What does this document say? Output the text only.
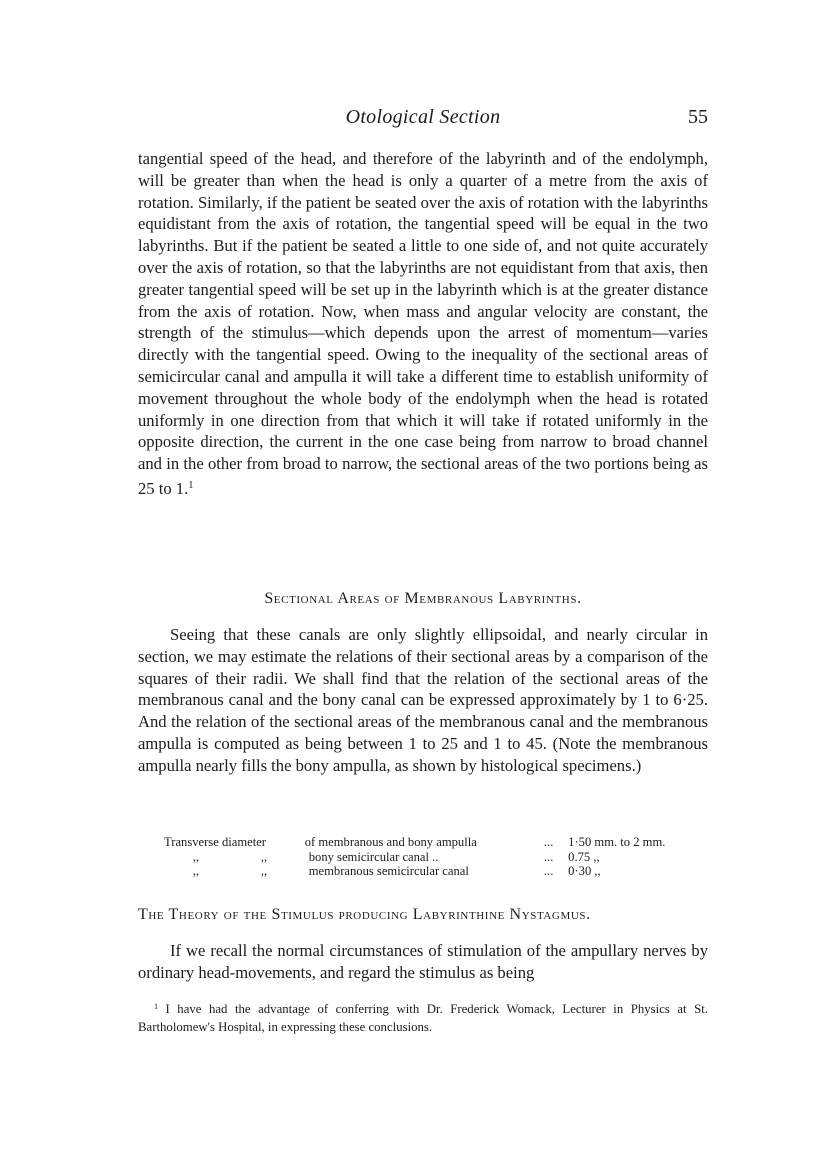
Otological Section	55

tangential speed of the head, and therefore of the labyrinth and of the endolymph, will be greater than when the head is only a quarter of a metre from the axis of rotation. Similarly, if the patient be seated over the axis of rotation with the labyrinths equidistant from the axis of rotation, the tangential speed will be equal in the two labyrinths. But if the patient be seated a little to one side of, and not quite accurately over the axis of rotation, so that the labyrinths are not equidistant from that axis, then greater tangential speed will be set up in the labyrinth which is at the greater distance from the axis of rotation. Now, when mass and angular velocity are constant, the strength of the stimulus—which depends upon the arrest of momentum—varies directly with the tangential speed. Owing to the inequality of the sectional areas of semicircular canal and ampulla it will take a different time to establish uniformity of movement throughout the whole body of the endolymph when the head is rotated uniformly in one direction from that which it will take if rotated uniformly in the opposite direction, the current in the one case being from narrow to broad channel and in the other from broad to narrow, the sectional areas of the two portions being as 25 to 1.$^1$

Sectional Areas of Membranous Labyrinths.

Seeing that these canals are only slightly ellipsoidal, and nearly circular in section, we may estimate the relations of their sectional areas by a comparison of the squares of their radii. We shall find that the relation of the sectional areas of the membranous canal and the bony canal can be expressed approximately by 1 to 6·25. And the relation of the sectional areas of the membranous canal and the membranous ampulla is computed as being between 1 to 25 and 1 to 45. (Note the membranous ampulla nearly fills the bony ampulla, as shown by histological specimens.)

Transverse diameter	of membranous and bony ampulla	...	1·50 mm. to 2 mm.
,, ,,	bony semicircular canal ..	...	0.75 ,,
,, ,,	membranous semicircular canal	...	0·30 ,,

The Theory of the Stimulus producing Labyrinthine Nystagmus.

If we recall the normal circumstances of stimulation of the ampullary nerves by ordinary head-movements, and regard the stimulus as being

$^1$ I have had the advantage of conferring with Dr. Frederick Womack, Lecturer in Physics at St. Bartholomew's Hospital, in expressing these conclusions.
